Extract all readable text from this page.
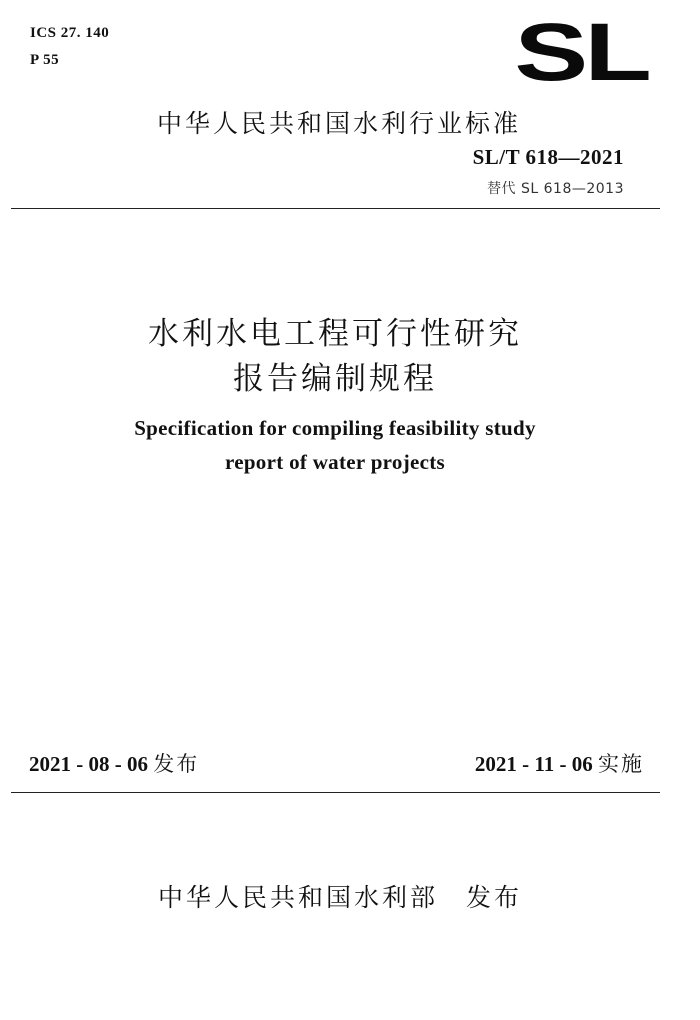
ICS 27. 140
P 55	SL
中华人民共和国水利行业标准
SL/T 618—2021
替代 SL 618—2013
水利水电工程可行性研究
报告编制规程
Specification for compiling feasibility study
report of water projects
2021 - 08 - 06 发布	2021 - 11 - 06 实施
中华人民共和国水利部　发布
